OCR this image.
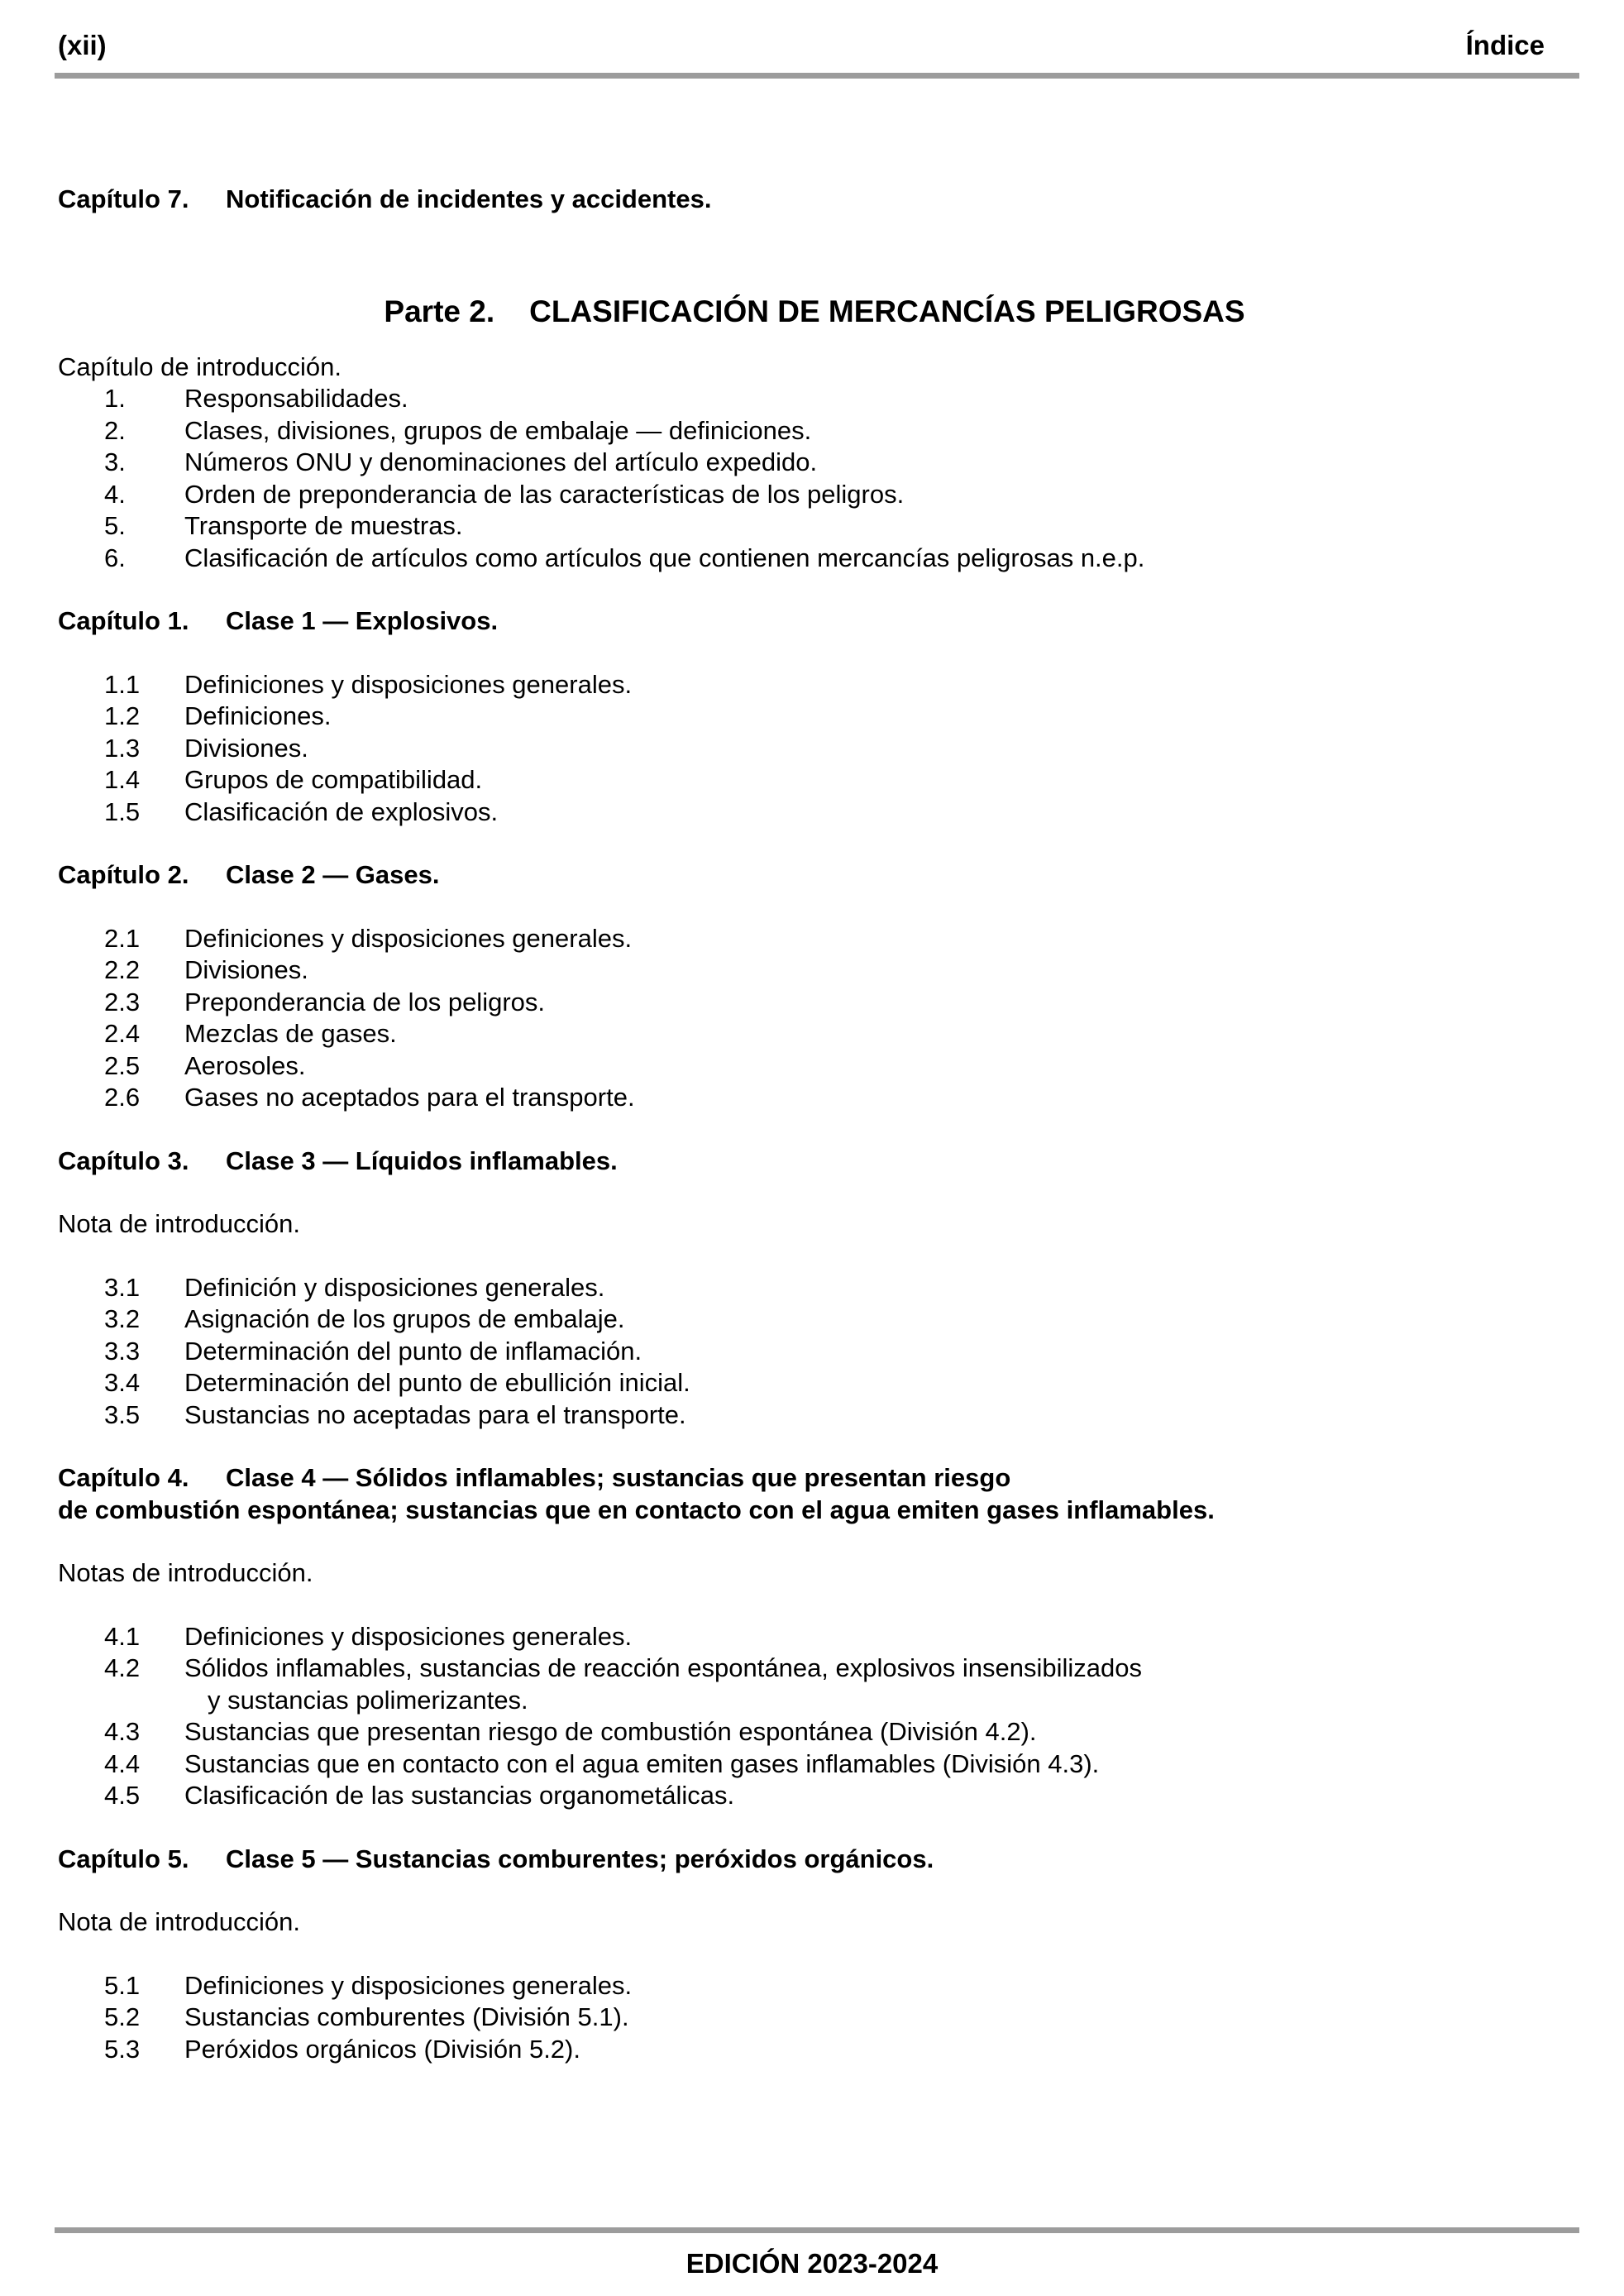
(xii)	Índice
Capítulo 7. Notificación de incidentes y accidentes.
Parte 2. CLASIFICACIÓN DE MERCANCÍAS PELIGROSAS
Capítulo de introducción.
1. Responsabilidades.
2. Clases, divisiones, grupos de embalaje — definiciones.
3. Números ONU y denominaciones del artículo expedido.
4. Orden de preponderancia de las características de los peligros.
5. Transporte de muestras.
6. Clasificación de artículos como artículos que contienen mercancías peligrosas n.e.p.
Capítulo 1. Clase 1 — Explosivos.
1.1 Definiciones y disposiciones generales.
1.2 Definiciones.
1.3 Divisiones.
1.4 Grupos de compatibilidad.
1.5 Clasificación de explosivos.
Capítulo 2. Clase 2 — Gases.
2.1 Definiciones y disposiciones generales.
2.2 Divisiones.
2.3 Preponderancia de los peligros.
2.4 Mezclas de gases.
2.5 Aerosoles.
2.6 Gases no aceptados para el transporte.
Capítulo 3. Clase 3 — Líquidos inflamables.
Nota de introducción.
3.1 Definición y disposiciones generales.
3.2 Asignación de los grupos de embalaje.
3.3 Determinación del punto de inflamación.
3.4 Determinación del punto de ebullición inicial.
3.5 Sustancias no aceptadas para el transporte.
Capítulo 4. Clase 4 — Sólidos inflamables; sustancias que presentan riesgo
de combustión espontánea; sustancias que en contacto con el agua emiten gases inflamables.
Notas de introducción.
4.1 Definiciones y disposiciones generales.
4.2 Sólidos inflamables, sustancias de reacción espontánea, explosivos insensibilizados
y sustancias polimerizantes.
4.3 Sustancias que presentan riesgo de combustión espontánea (División 4.2).
4.4 Sustancias que en contacto con el agua emiten gases inflamables (División 4.3).
4.5 Clasificación de las sustancias organometálicas.
Capítulo 5. Clase 5 — Sustancias comburentes; peróxidos orgánicos.
Nota de introducción.
5.1 Definiciones y disposiciones generales.
5.2 Sustancias comburentes (División 5.1).
5.3 Peróxidos orgánicos (División 5.2).
EDICIÓN 2023-2024
